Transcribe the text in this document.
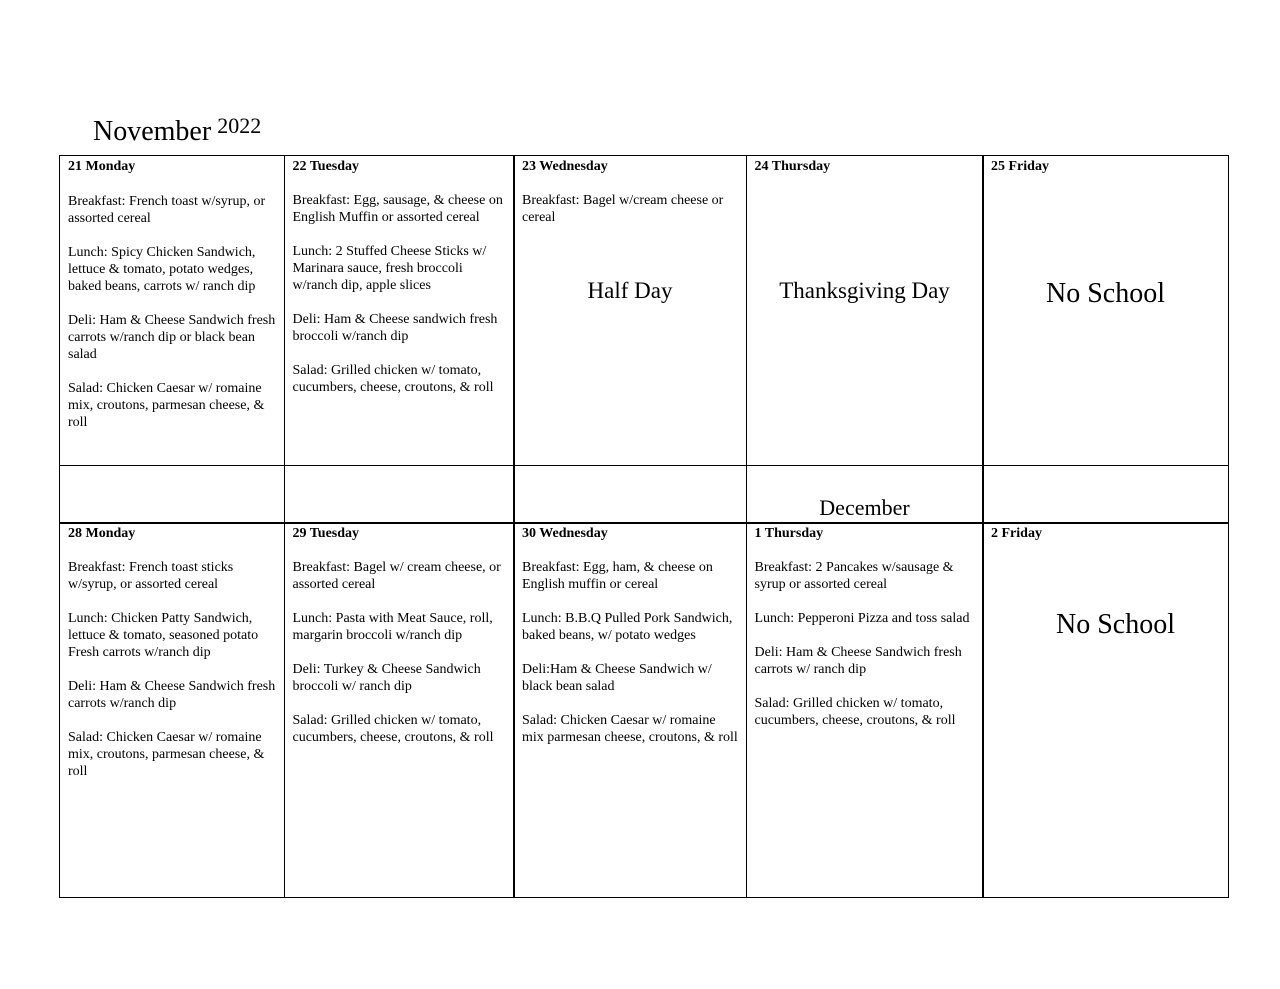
November $^{2022}$
21 Monday

Breakfast: French toast w/syrup, or assorted cereal

Lunch: Spicy Chicken Sandwich, lettuce & tomato, potato wedges, baked beans, carrots w/ ranch dip

Deli: Ham & Cheese Sandwich fresh carrots w/ranch dip or black bean salad

Salad: Chicken Caesar w/ romaine mix, croutons, parmesan cheese, & roll

22 Tuesday

Breakfast: Egg, sausage, & cheese on English Muffin or assorted cereal

Lunch: 2 Stuffed Cheese Sticks w/ Marinara sauce, fresh broccoli w/ranch dip, apple slices

Deli: Ham & Cheese sandwich fresh broccoli w/ranch dip

Salad: Grilled chicken w/ tomato, cucumbers, cheese, croutons, & roll

23 Wednesday

Breakfast: Bagel w/cream cheese or cereal

Half Day
24 Thursday
Thanksgiving Day
25 Friday
No School
December
28 Monday

Breakfast: French toast sticks w/syrup, or assorted cereal

Lunch: Chicken Patty Sandwich, lettuce & tomato, seasoned potato Fresh carrots w/ranch dip

Deli: Ham & Cheese Sandwich fresh carrots w/ranch dip

Salad: Chicken Caesar w/ romaine mix, croutons, parmesan cheese, & roll

29 Tuesday

Breakfast: Bagel w/ cream cheese, or assorted cereal

Lunch: Pasta with Meat Sauce, roll, margarin broccoli w/ranch dip

Deli: Turkey & Cheese Sandwich broccoli w/ ranch dip

Salad: Grilled chicken w/ tomato, cucumbers, cheese, croutons, & roll

30 Wednesday

Breakfast: Egg, ham, & cheese on English muffin or cereal

Lunch: B.B.Q Pulled Pork Sandwich, baked beans, w/ potato wedges

Deli:Ham & Cheese Sandwich w/ black bean salad

Salad: Chicken Caesar w/ romaine mix parmesan cheese, croutons, & roll

1 Thursday

Breakfast: 2 Pancakes w/sausage & syrup or assorted cereal

Lunch: Pepperoni Pizza and toss salad

Deli: Ham & Cheese Sandwich fresh carrots w/ ranch dip

Salad: Grilled chicken w/ tomato, cucumbers, cheese, croutons, & roll

2 Friday
No School
